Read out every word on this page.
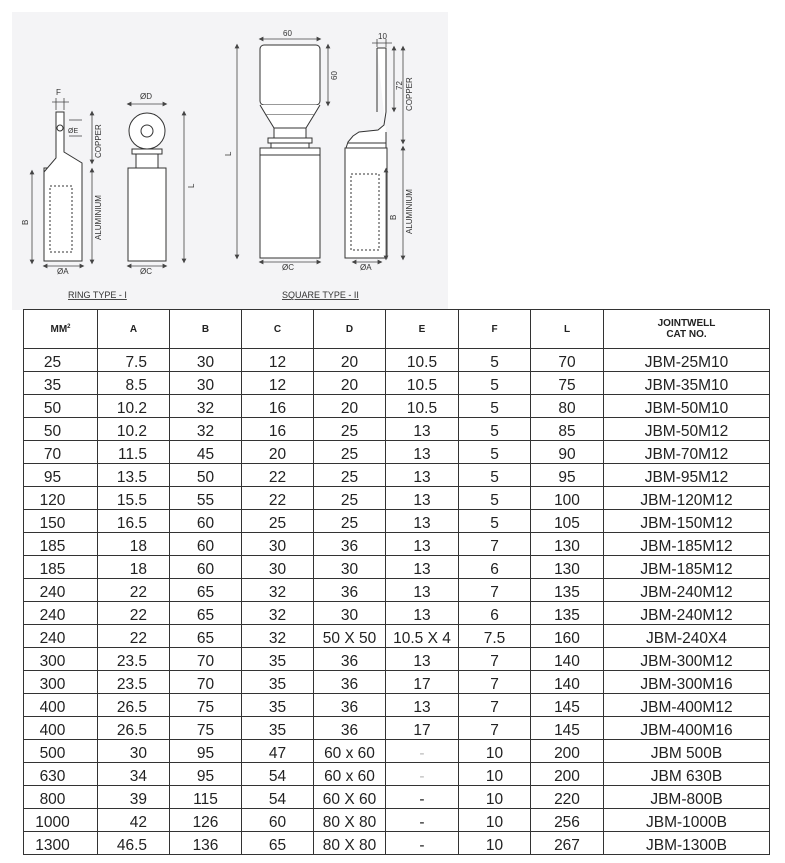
F
ØE COPPER
ALUMINIUM
B
ØA
ØD
L
ØC
RING TYPE - I
60
60
L
ØC
10
72 COPPER
ALUMINIUM
B
ØA
SQUARE TYPE - II
$MM^2$	A	B	C	D	E	F	L	JOINTWELL
CAT NO.
25	7.5	30	12	20	10.5	5	70	JBM-25M10
35	8.5	30	12	20	10.5	5	75	JBM-35M10
50	10.2	32	16	20	10.5	5	80	JBM-50M10
50	10.2	32	16	25	13	5	85	JBM-50M12
70	11.5	45	20	25	13	5	90	JBM-70M12
95	13.5	50	22	25	13	5	95	JBM-95M12
120	15.5	55	22	25	13	5	100	JBM-120M12
150	16.5	60	25	25	13	5	105	JBM-150M12
185	18	60	30	36	13	7	130	JBM-185M12
185	18	60	30	30	13	6	130	JBM-185M12
240	22	65	32	36	13	7	135	JBM-240M12
240	22	65	32	30	13	6	135	JBM-240M12
240	22	65	32	50 X 50	10.5 X 4	7.5	160	JBM-240X4
300	23.5	70	35	36	13	7	140	JBM-300M12
300	23.5	70	35	36	17	7	140	JBM-300M16
400	26.5	75	35	36	13	7	145	JBM-400M12
400	26.5	75	35	36	17	7	145	JBM-400M16
500	30	95	47	60 x 60	-	10	200	JBM 500B
630	34	95	54	60 x 60	-	10	200	JBM 630B
800	39	115	54	60 X 60	-	10	220	JBM-800B
1000	42	126	60	80 X 80	-	10	256	JBM-1000B
1300	46.5	136	65	80 X 80	-	10	267	JBM-1300B
